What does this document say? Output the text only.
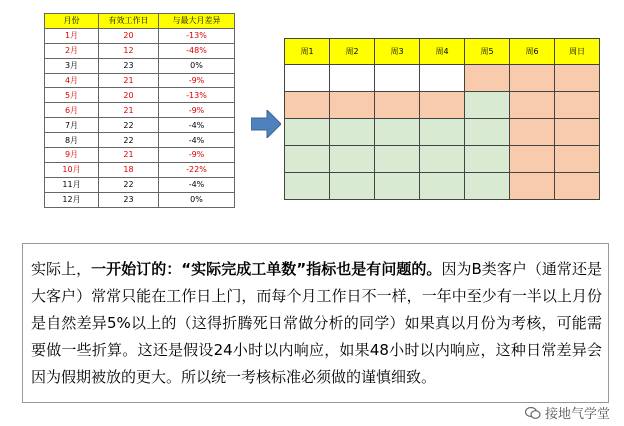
月份	有效工作日	与最大月差异
1月	20	-13%
2月	12	-48%
3月	23	0%
4月	21	-9%
5月	20	-13%
6月	21	-9%
7月	22	-4%
8月	22	-4%
9月	21	-9%
10月	18	-22%
11月	22	-4%
12月	23	0%
周1	周2	周3	周4	周5	周6	周日

实际上，一开始订的：“实际完成工单数”指标也是有问题的。因为B类客户（通常还是大客户）常常只能在工作日上门，而每个月工作日不一样，一年中至少有一半以上月份是自然差异5%以上的（这得折腾死日常做分析的同学）如果真以月份为考核，可能需要做一些折算。这还是假设24小时以内响应，如果48小时以内响应，这种日常差异会因为假期被放的更大。所以统一考核标准必须做的谨慎细致。
接地气学堂
